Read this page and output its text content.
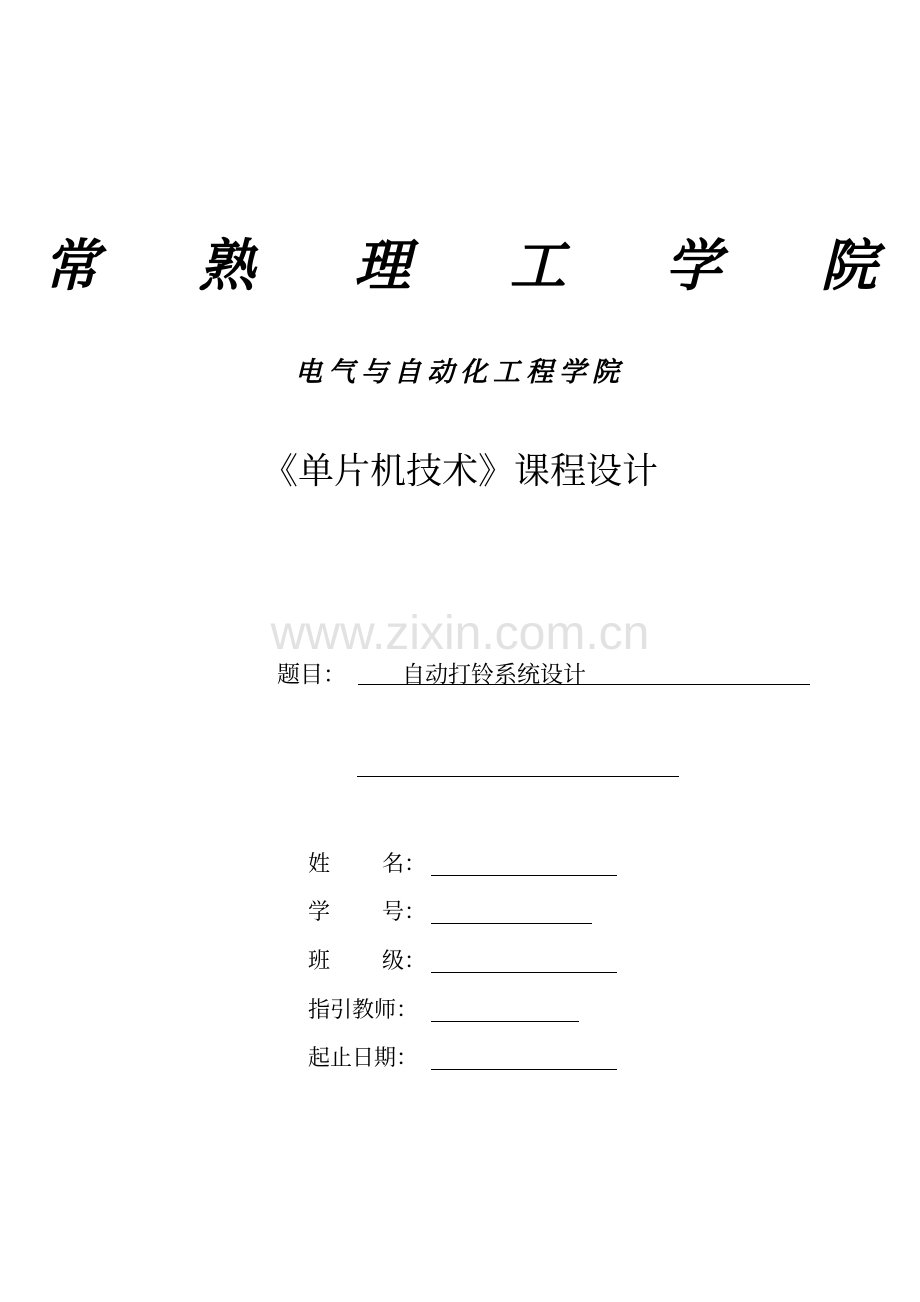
常 熟 理 工 学 院
电气与自动化工程学院
《单片机技术》课程设计
www.zixin.com.cn
题目： 自动打铃系统设计
姓 名：
学 号：
班 级：
指引教师：
起止日期：
